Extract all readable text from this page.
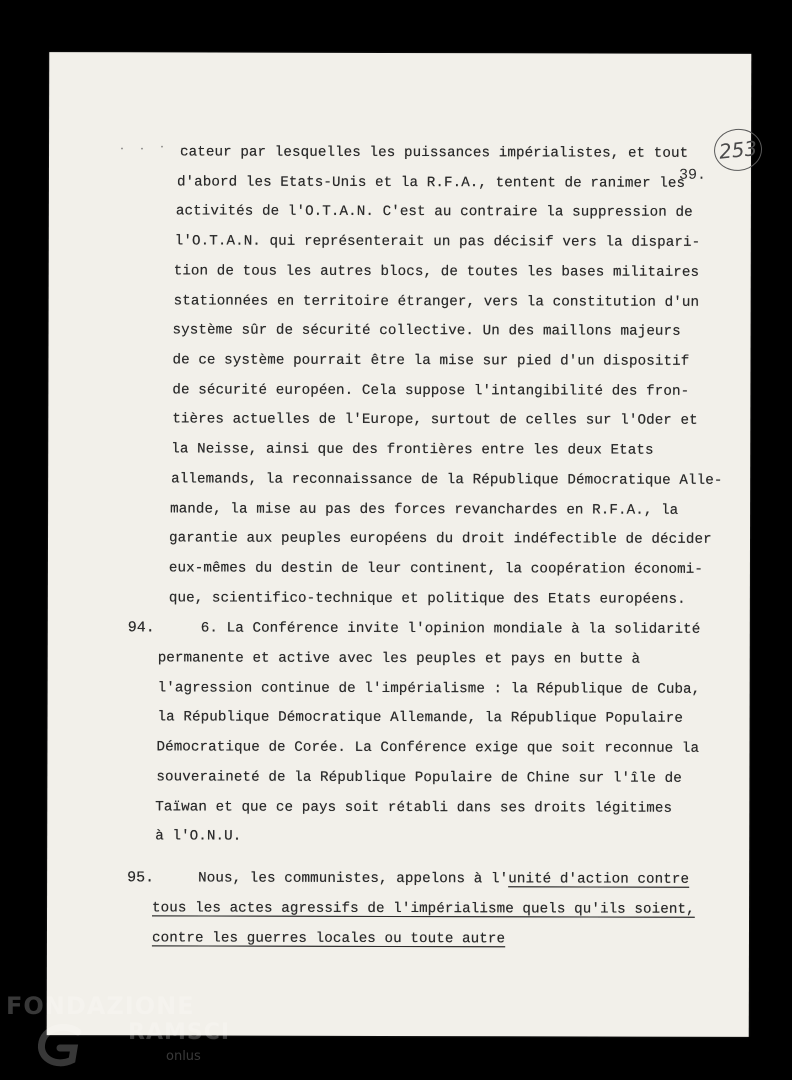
. . · .	253
39.
cateur par lesquelles les puissances impérialistes, et tout
d'abord les Etats-Unis et la R.F.A., tentent de ranimer les
activités de l'O.T.A.N. C'est au contraire la suppression de
l'O.T.A.N. qui représenterait un pas décisif vers la dispari-
tion de tous les autres blocs, de toutes les bases militaires
stationnées en territoire étranger, vers la constitution d'un
système sûr de sécurité collective. Un des maillons majeurs
de ce système pourrait être la mise sur pied d'un dispositif
de sécurité européen. Cela suppose l'intangibilité des fron-
tières actuelles de l'Europe, surtout de celles sur l'Oder et
la Neisse, ainsi que des frontières entre les deux Etats
allemands, la reconnaissance de la République Démocratique Alle-
mande, la mise au pas des forces revanchardes en R.F.A., la
garantie aux peuples européens du droit indéfectible de décider
eux-mêmes du destin de leur continent, la coopération économi-
que, scientifico-technique et politique des Etats européens.
94.	6. La Conférence invite l'opinion mondiale à la solidarité
permanente et active avec les peuples et pays en butte à
l'agression continue de l'impérialisme : la République de Cuba,
la République Démocratique Allemande, la République Populaire
Démocratique de Corée. La Conférence exige que soit reconnue la
souveraineté de la République Populaire de Chine sur l'île de
Taïwan et que ce pays soit rétabli dans ses droits légitimes
à l'O.N.U.
95.	Nous, les communistes, appelons à l'unité d'action contre
tous les actes agressifs de l'impérialisme quels qu'ils soient,
contre les guerres locales ou toute autre
FONDAZIONE
RAMSCI
onlus
